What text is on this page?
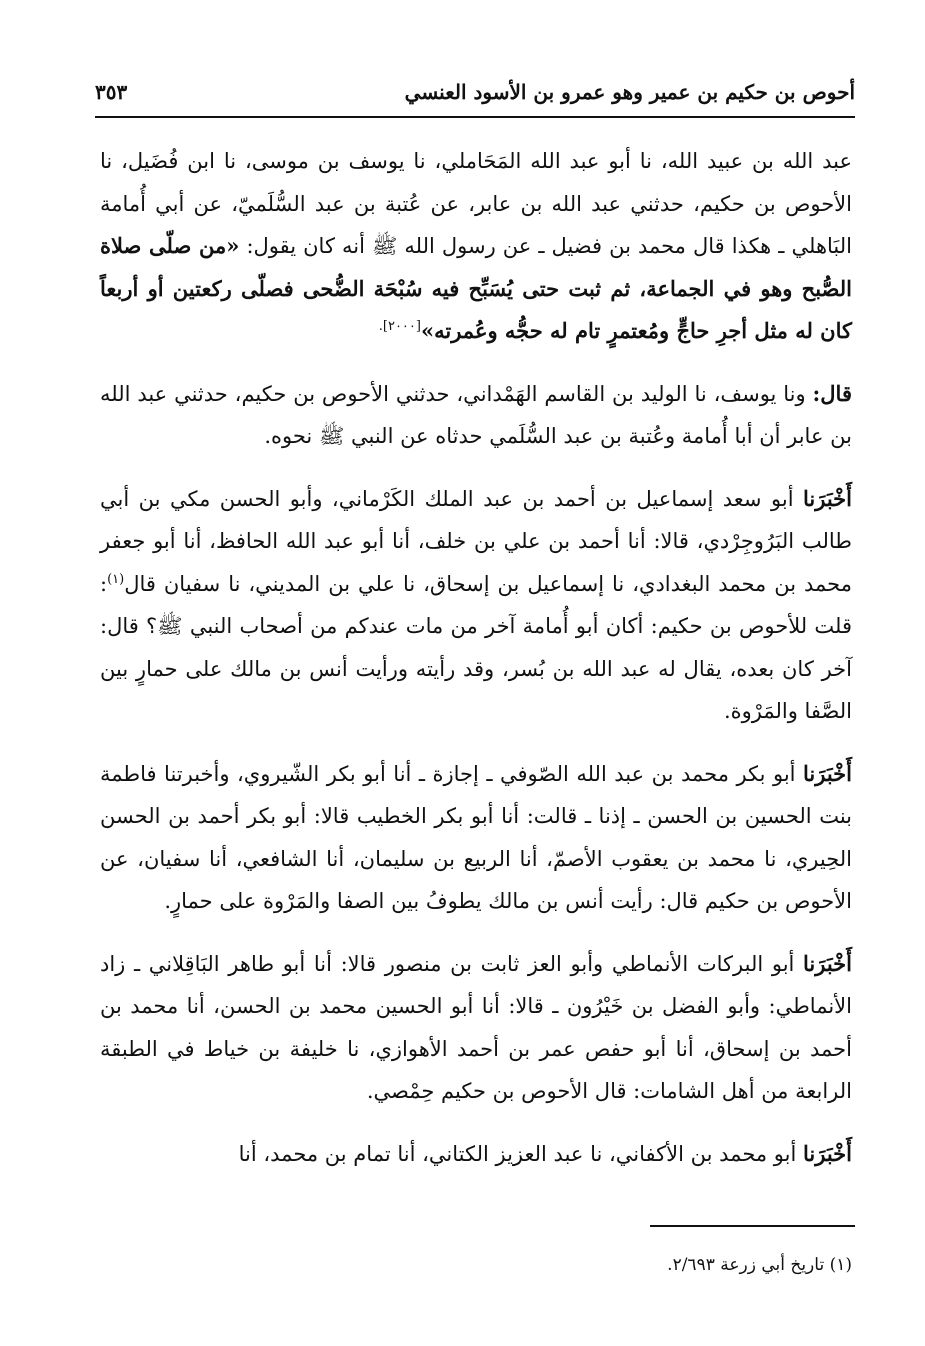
أحوص بن حكيم بن عمير وهو عمرو بن الأسود العنسي
٣٥٣

عبد الله بن عبيد الله، نا أبو عبد الله المَحَاملي، نا يوسف بن موسى، نا ابن فُضَيل، نا الأحوص بن حكيم، حدثني عبد الله بن عابر، عن عُتبة بن عبد السُّلَميّ، عن أبي أُمامة البَاهلي ـ هكذا قال محمد بن فضيل ـ عن رسول الله ﷺ أنه كان يقول: «من صلّى صلاة الصُّبح وهو في الجماعة، ثم ثبت حتى يُسَبِّح فيه سُبْحَة الضُّحى فصلّى ركعتين أو أربعاً كان له مثل أجرِ حاجٍّ ومُعتمرٍ تام له حجُّه وعُمرته»$^{[٢٠٠٠].}$

قال: ونا يوسف، نا الوليد بن القاسم الهَمْداني، حدثني الأحوص بن حكيم، حدثني عبد الله بن عابر أن أبا أُمامة وعُتبة بن عبد السُّلَمي حدثاه عن النبي ﷺ نحوه.

أَخْبَرَنا أبو سعد إسماعيل بن أحمد بن عبد الملك الكَرْماني، وأبو الحسن مكي بن أبي طالب البَرُوجِرْدي، قالا: أنا أحمد بن علي بن خلف، أنا أبو عبد الله الحافظ، أنا أبو جعفر محمد بن محمد البغدادي، نا إسماعيل بن إسحاق، نا علي بن المديني، نا سفيان قال$^{(١)}$: قلت للأحوص بن حكيم: أكان أبو أُمامة آخر من مات عندكم من أصحاب النبي ﷺ؟ قال: آخر كان بعده، يقال له عبد الله بن بُسر، وقد رأيته ورأيت أنس بن مالك على حمارٍ بين الصَّفا والمَرْوة.

أَخْبَرَنا أبو بكر محمد بن عبد الله الصّوفي ـ إجازة ـ أنا أبو بكر الشّيروي، وأخبرتنا فاطمة بنت الحسين بن الحسن ـ إذنا ـ قالت: أنا أبو بكر الخطيب قالا: أبو بكر أحمد بن الحسن الحِيري، نا محمد بن يعقوب الأصمّ، أنا الربيع بن سليمان، أنا الشافعي، أنا سفيان، عن الأحوص بن حكيم قال: رأيت أنس بن مالك يطوفُ بين الصفا والمَرْوة على حمارٍ.

أَخْبَرَنا أبو البركات الأنماطي وأبو العز ثابت بن منصور قالا: أنا أبو طاهر البَاقِلاني ـ زاد الأنماطي: وأبو الفضل بن خَيْرُون ـ قالا: أنا أبو الحسين محمد بن الحسن، أنا محمد بن أحمد بن إسحاق، أنا أبو حفص عمر بن أحمد الأهوازي، نا خليفة بن خياط في الطبقة الرابعة من أهل الشامات: قال الأحوص بن حكيم حِمْصي.

أَخْبَرَنا أبو محمد بن الأكفاني، نا عبد العزيز الكتاني، أنا تمام بن محمد، أنا

(١) تاريخ أبي زرعة ٢/٦٩٣.
